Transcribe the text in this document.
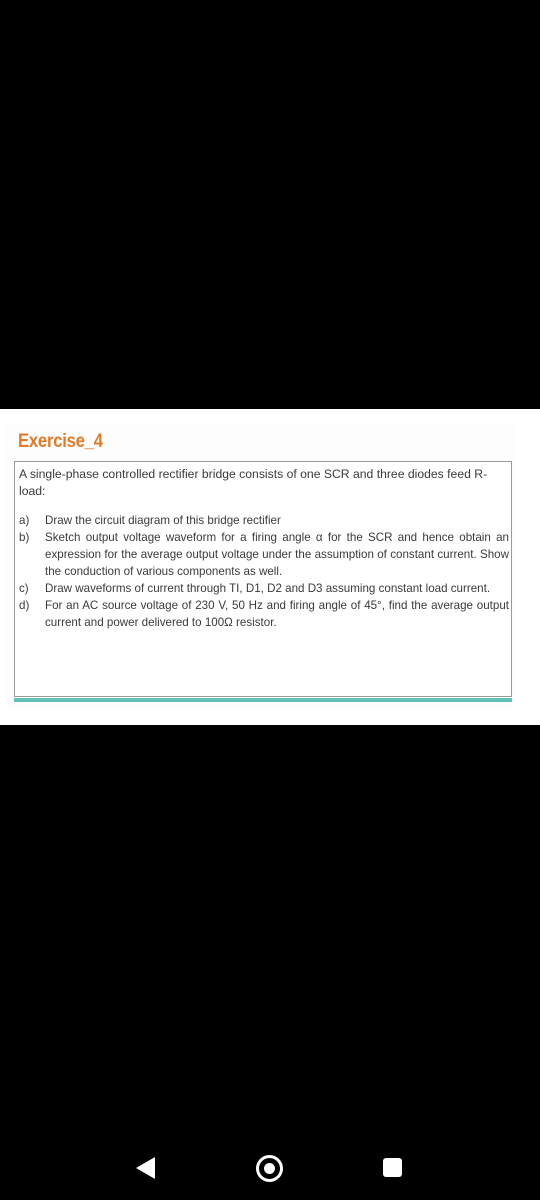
Exercise_4

A single-phase controlled rectifier bridge consists of one SCR and three diodes feed R-load:

a)	Draw the circuit diagram of this bridge rectifier
b)	Sketch output voltage waveform for a firing angle α for the SCR and hence obtain an expression for the average output voltage under the assumption of constant current. Show the conduction of various components as well.
c)	Draw waveforms of current through TI, D1, D2 and D3 assuming constant load current.
d)	For an AC source voltage of 230 V, 50 Hz and firing angle of 45°, find the average output current and power delivered to 100Ω resistor.
